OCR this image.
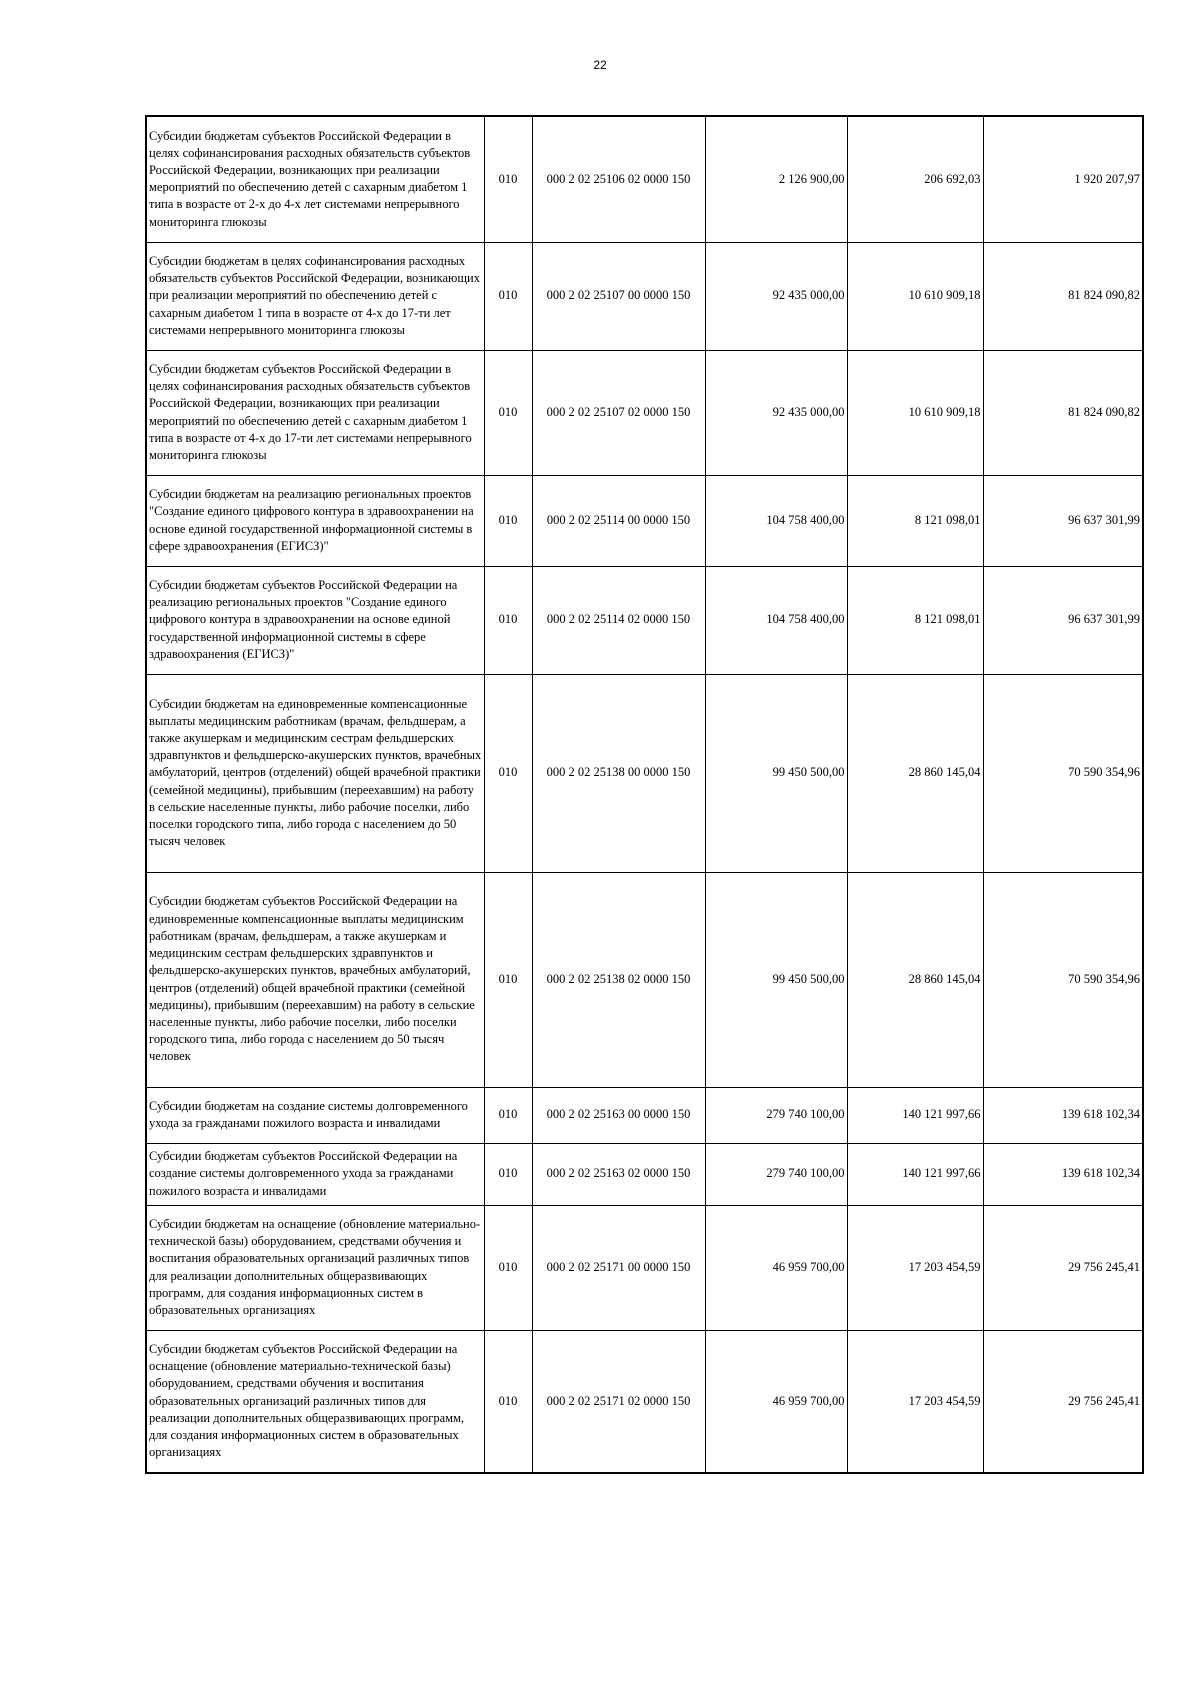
22
Субсидии бюджетам субъектов Российской Федерации в целях софинансирования расходных обязательств субъектов Российской Федерации, возникающих при реализации мероприятий по обеспечению детей с сахарным диабетом 1 типа в возрасте от 2-х до 4-х лет системами непрерывного мониторинга глюкозы	010	000 2 02 25106 02 0000 150	2 126 900,00	206 692,03	1 920 207,97
Субсидии бюджетам в целях софинансирования расходных обязательств субъектов Российской Федерации, возникающих при реализации мероприятий по обеспечению детей с сахарным диабетом 1 типа в возрасте от 4-х до 17-ти лет системами непрерывного мониторинга глюкозы	010	000 2 02 25107 00 0000 150	92 435 000,00	10 610 909,18	81 824 090,82
Субсидии бюджетам субъектов Российской Федерации в целях софинансирования расходных обязательств субъектов Российской Федерации, возникающих при реализации мероприятий по обеспечению детей с сахарным диабетом 1 типа в возрасте от 4-х до 17-ти лет системами непрерывного мониторинга глюкозы	010	000 2 02 25107 02 0000 150	92 435 000,00	10 610 909,18	81 824 090,82
Субсидии бюджетам на реализацию региональных проектов "Создание единого цифрового контура в здравоохранении на основе единой государственной информационной системы в сфере здравоохранения (ЕГИСЗ)"	010	000 2 02 25114 00 0000 150	104 758 400,00	8 121 098,01	96 637 301,99
Субсидии бюджетам субъектов Российской Федерации на реализацию региональных проектов "Создание единого цифрового контура в здравоохранении на основе единой государственной информационной системы в сфере здравоохранения (ЕГИСЗ)"	010	000 2 02 25114 02 0000 150	104 758 400,00	8 121 098,01	96 637 301,99
Субсидии бюджетам на единовременные компенсационные выплаты медицинским работникам (врачам, фельдшерам, а также акушеркам и медицинским сестрам фельдшерских здравпунктов и фельдшерско-акушерских пунктов, врачебных амбулаторий, центров (отделений) общей врачебной практики (семейной медицины), прибывшим (переехавшим) на работу в сельские населенные пункты, либо рабочие поселки, либо поселки городского типа, либо города с населением до 50 тысяч человек	010	000 2 02 25138 00 0000 150	99 450 500,00	28 860 145,04	70 590 354,96
Субсидии бюджетам субъектов Российской Федерации на единовременные компенсационные выплаты медицинским работникам (врачам, фельдшерам, а также акушеркам и медицинским сестрам фельдшерских здравпунктов и фельдшерско-акушерских пунктов, врачебных амбулаторий, центров (отделений) общей врачебной практики (семейной медицины), прибывшим (переехавшим) на работу в сельские населенные пункты, либо рабочие поселки, либо поселки городского типа, либо города с населением до 50 тысяч человек	010	000 2 02 25138 02 0000 150	99 450 500,00	28 860 145,04	70 590 354,96
Субсидии бюджетам на создание системы долговременного ухода за гражданами пожилого возраста и инвалидами	010	000 2 02 25163 00 0000 150	279 740 100,00	140 121 997,66	139 618 102,34
Субсидии бюджетам субъектов Российской Федерации на создание системы долговременного ухода за гражданами пожилого возраста и инвалидами	010	000 2 02 25163 02 0000 150	279 740 100,00	140 121 997,66	139 618 102,34
Субсидии бюджетам на оснащение (обновление материально-технической базы) оборудованием, средствами обучения и воспитания образовательных организаций различных типов для реализации дополнительных общеразвивающих программ, для создания информационных систем в образовательных организациях	010	000 2 02 25171 00 0000 150	46 959 700,00	17 203 454,59	29 756 245,41
Субсидии бюджетам субъектов Российской Федерации на оснащение (обновление материально-технической базы) оборудованием, средствами обучения и воспитания образовательных организаций различных типов для реализации дополнительных общеразвивающих программ, для создания информационных систем в образовательных организациях	010	000 2 02 25171 02 0000 150	46 959 700,00	17 203 454,59	29 756 245,41
